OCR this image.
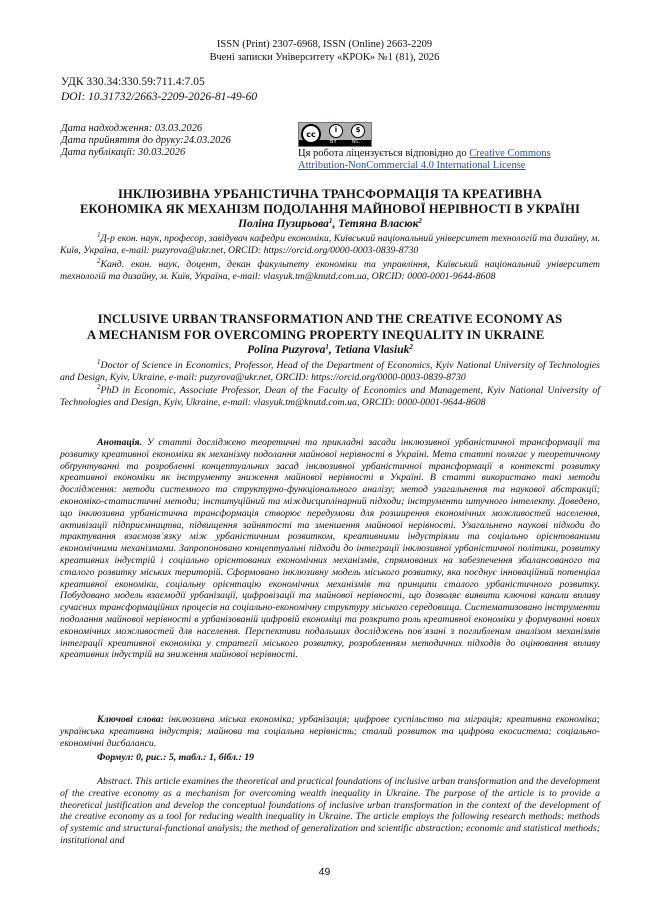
ISSN (Print) 2307-6968, ISSN (Online) 2663-2209
Вчені записки Університету «КРОК» №1 (81), 2026
УДК 330.34:330.59:711.4:7.05
DOI: 10.31732/2663-2209-2026-81-49-60
Дата надходження: 03.03.2026
Дата прийняття до друку:24.03.2026
Дата публікації: 30.03.2026
cc	i	$
BY	NC
Ця робота ліцензується відповідно до Creative Commons
Attribution-NonCommercial 4.0 International License
ІНКЛЮЗИВНА УРБАНІСТИЧНА ТРАНСФОРМАЦІЯ ТА КРЕАТИВНА
ЕКОНОМІКА ЯК МЕХАНІЗМ ПОДОЛАННЯ МАЙНОВОЇ НЕРІВНОСТІ В УКРАЇНІ
Поліна Пузирьова$^1$, Тетяна Власюк$^2$
$^1$Д-р екон. наук, професор, завідувач кафедри економіки, Київський національний університет технологій та дизайну, м. Київ, Україна, e-mail: puzyrova@ukr.net, ORCID: https://orcid.org/0000-0003-0839-8730
$^2$Канд. екон. наук, доцент, декан факультету економіки та управління, Київський національний університет технологій та дизайну, м. Київ, Україна, e-mail: vlasyuk.tm@knutd.com.ua, ORCID: 0000-0001-9644-8608
INCLUSIVE URBAN TRANSFORMATION AND THE CREATIVE ECONOMY AS
A MECHANISM FOR OVERCOMING PROPERTY INEQUALITY IN UKRAINE
Polina Puzyrova$^1$, Tetiana Vlasiuk$^2$
$^1$Doctor of Science in Economics, Professor, Head of the Department of Economics, Kyiv National University of Technologies and Design, Kyiv, Ukraine, e-mail: puzyrova@ukr.net, ORCID: https://orcid.org/0000-0003-0839-8730
$^2$PhD in Economic, Associate Professor, Dean of the Faculty of Economics and Management, Kyiv National University of Technologies and Design, Kyiv, Ukraine, e-mail: vlasyuk.tm@knutd.com.ua, ORCID: 0000-0001-9644-8608
Анотація. У статті досліджено теоретичні та прикладні засади інклюзивної урбаністичної трансформації та розвитку креативної економіки як механізму подолання майнової нерівності в Україні. Мета статті полягає у теоретичному обґрунтуванні та розробленні концептуальних засад інклюзивної урбаністичної трансформації в контексті розвитку креативної економіки як інструменту зниження майнової нерівності в Україні. В статті використано такі методи дослідження: методи системного та структурно-функціонального аналізу; метод узагальнення та наукової абстракції; економіко-статистичні методи; інституційний та міждисциплінарний підходи; інструменти штучного інтелекту. Доведено, що інклюзивна урбаністична трансформація створює передумови для розширення економічних можливостей населення, активізації підприємництва, підвищення зайнятості та зменшення майнової нерівності. Узагальнено наукові підходи до трактування взаємозв´язку між урбаністичним розвитком, креативними індустріями та соціально орієнтованими економічними механізмами. Запропоновано концептуальні підходи до інтеграції інклюзивної урбаністичної політики, розвитку креативних індустрій і соціально орієнтованих економічних механізмів, спрямованих на забезпечення збалансованого та сталого розвитку міських територій. Сформовано інклюзивну модель міського розвитку, яка поєднує інноваційний потенціал креативної економіки, соціальну орієнтацію економічних механізмів та принципи сталого урбаністичного розвитку. Побудовано модель взаємодії урбанізації, цифровізації та майнової нерівності, що дозволяє виявити ключові канали впливу сучасних трансформаційних процесів на соціально-економічну структуру міського середовища. Систематизовано інструменти подолання майнової нерівності в урбанізованій цифровій економіці та розкрито роль креативної економіки у формуванні нових економічних можливостей для населення. Перспективи подальших досліджень пов´язані з поглибленим аналізом механізмів інтеграції креативної економіки у стратегії міського розвитку, розробленням методичних підходів до оцінювання впливу креативних індустрій на зниження майнової нерівності.
Ключові слова: інклюзивна міська економіка; урбанізація; цифрове суспільство та міграція; креативна економіка; українська креативна індустрія; майнова та соціальна нерівність; сталий розвиток та цифрова екосистема; соціально-економічні дисбаланси.
Формул: 0, рис.: 5, табл.: 1, бібл.: 19
Abstract. This article examines the theoretical and practical foundations of inclusive urban transformation and the development of the creative economy as a mechanism for overcoming wealth inequality in Ukraine. The purpose of the article is to provide a theoretical justification and develop the conceptual foundations of inclusive urban transformation in the context of the development of the creative economy as a tool for reducing wealth inequality in Ukraine. The article employs the following research methods: methods of systemic and structural-functional analysis; the method of generalization and scientific abstraction; economic and statistical methods; institutional and
49
